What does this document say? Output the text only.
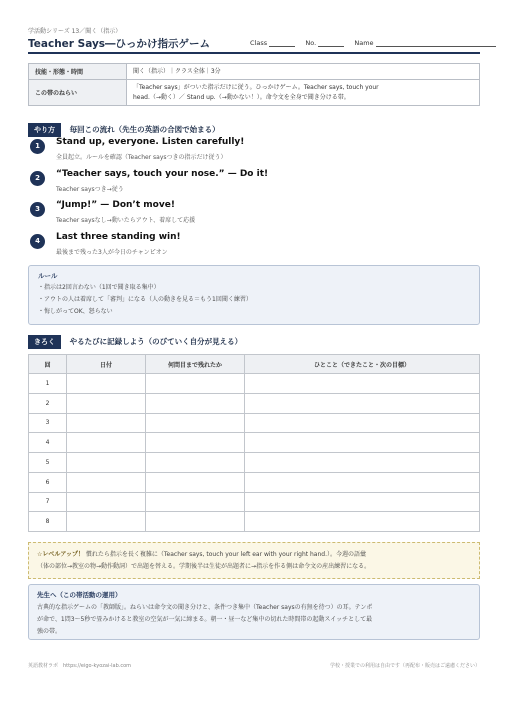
学活動シリーズ 13／聞く（指示）
Teacher Says―ひっかけ指示ゲーム	Class	No.	Name
技能・形態・時間	聞く（指示）｜クラス全体｜3分
この帯のねらい	「Teacher says」がついた指示だけに従う。ひっかけゲーム。Teacher says, touch your
head.（→動く）／ Stand up.（→動かない！）。命令文を全身で聞き分ける帯。
やり方 毎回この流れ（先生の英語の合図で始まる）
1	Stand up, everyone. Listen carefully!
全員起立。ルールを確認（Teacher saysつきの指示だけ従う）
2	“Teacher says, touch your nose.” — Do it!
Teacher saysつき→従う
3	“Jump!” — Don’t move!
Teacher saysなし→動いたらアウト、着席して応援
4	Last three standing win!
最後まで残った3人が今日のチャンピオン
ルール
・指示は2回言わない（1回で聞き取る集中）
・アウトの人は着席して「審判」になる（人の動きを見る＝もう1回聞く練習）
・悔しがってOK、怒らない
きろく やるたびに記録しよう（のびていく自分が見える）
回	日付	何問目まで残れたか	ひとこと（できたこと・次の目標）
1			
2			
3			
4			
5			
6			
7			
8			
☆レベルアップ！ 慣れたら指示を長く複雑に（Teacher says, touch your left ear with your right hand.）。今週の語彙
（体の部位→教室の物→動作動詞）で出題を替える。学期後半は生徒が出題者に→指示を作る側は命令文の産出練習になる。
先生へ（この帯活動の運用）
古典的な指示ゲームの「教師版」。ねらいは命令文の聞き分けと、条件つき集中（Teacher saysの有無を待つ）の耳。テンポ
が命で、1問3～5秒で畳みかけると教室の空気が一気に締まる。朝一・昼一など集中の切れた時間帯の起動スイッチとして最
強の帯。
英語教材ラボ　https://eigo-kyozai-lab.com	学校・授業での利用は自由です（再配布・販売はご遠慮ください）
